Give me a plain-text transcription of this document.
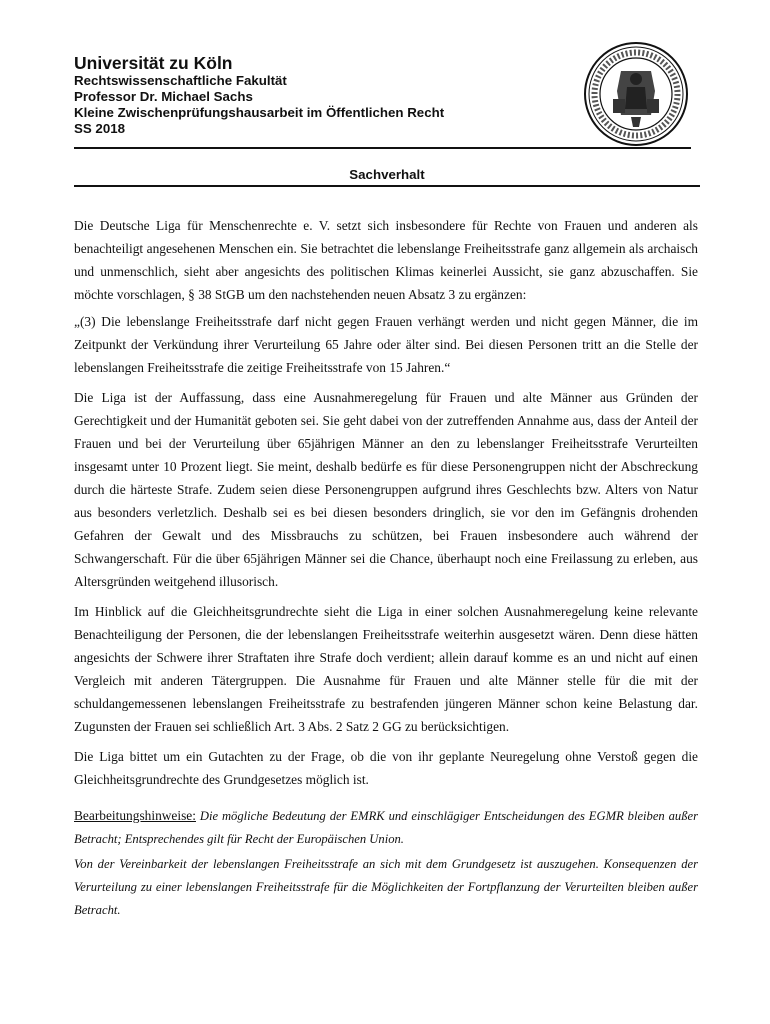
Universität zu Köln

Rechtswissenschaftliche Fakultät

Professor Dr. Michael Sachs

Kleine Zwischenprüfungshausarbeit im Öffentlichen Recht

SS 2018

Sachverhalt

Die Deutsche Liga für Menschenrechte e. V. setzt sich insbesondere für Rechte von Frauen und anderen als benachteiligt angesehenen Menschen ein. Sie betrachtet die lebenslange Freiheitsstrafe ganz allgemein als archaisch und unmenschlich, sieht aber angesichts des politischen Klimas keinerlei Aussicht, sie ganz abzuschaffen. Sie möchte vorschlagen, § 38 StGB um den nachstehenden neuen Absatz 3 zu ergänzen:

„(3) Die lebenslange Freiheitsstrafe darf nicht gegen Frauen verhängt werden und nicht gegen Männer, die im Zeitpunkt der Verkündung ihrer Verurteilung 65 Jahre oder älter sind. Bei diesen Personen tritt an die Stelle der lebenslangen Freiheitsstrafe die zeitige Freiheitsstrafe von 15 Jahren.“

Die Liga ist der Auffassung, dass eine Ausnahmeregelung für Frauen und alte Männer aus Gründen der Gerechtigkeit und der Humanität geboten sei. Sie geht dabei von der zutreffenden Annahme aus, dass der Anteil der Frauen und bei der Verurteilung über 65jährigen Männer an den zu lebenslanger Freiheitsstrafe Verurteilten insgesamt unter 10 Prozent liegt. Sie meint, deshalb bedürfe es für diese Personengruppen nicht der Abschreckung durch die härteste Strafe. Zudem seien diese Personengruppen aufgrund ihres Geschlechts bzw. Alters von Natur aus besonders verletzlich. Deshalb sei es bei diesen besonders dringlich, sie vor den im Gefängnis drohenden Gefahren der Gewalt und des Missbrauchs zu schützen, bei Frauen insbesondere auch während der Schwangerschaft. Für die über 65jährigen Männer sei die Chance, überhaupt noch eine Freilassung zu erleben, aus Altersgründen weitgehend illusorisch.

Im Hinblick auf die Gleichheitsgrundrechte sieht die Liga in einer solchen Ausnahmeregelung keine relevante Benachteiligung der Personen, die der lebenslangen Freiheitsstrafe weiterhin ausgesetzt wären. Denn diese hätten angesichts der Schwere ihrer Straftaten ihre Strafe doch verdient; allein darauf komme es an und nicht auf einen Vergleich mit anderen Tätergruppen. Die Ausnahme für Frauen und alte Männer stelle für die mit der schuldangemessenen lebenslangen Freiheitsstrafe zu bestrafenden jüngeren Männer schon keine Belastung dar. Zugunsten der Frauen sei schließlich Art. 3 Abs. 2 Satz 2 GG zu berücksichtigen.

Die Liga bittet um ein Gutachten zu der Frage, ob die von ihr geplante Neuregelung ohne Verstoß gegen die Gleichheitsgrundrechte des Grundgesetzes möglich ist.

Bearbeitungshinweise: Die mögliche Bedeutung der EMRK und einschlägiger Entscheidungen des EGMR bleiben außer Betracht; Entsprechendes gilt für Recht der Europäischen Union.

Von der Vereinbarkeit der lebenslangen Freiheitsstrafe an sich mit dem Grundgesetz ist auszugehen. Konsequenzen der Verurteilung zu einer lebenslangen Freiheitsstrafe für die Möglichkeiten der Fortpflanzung der Verurteilten bleiben außer Betracht.
